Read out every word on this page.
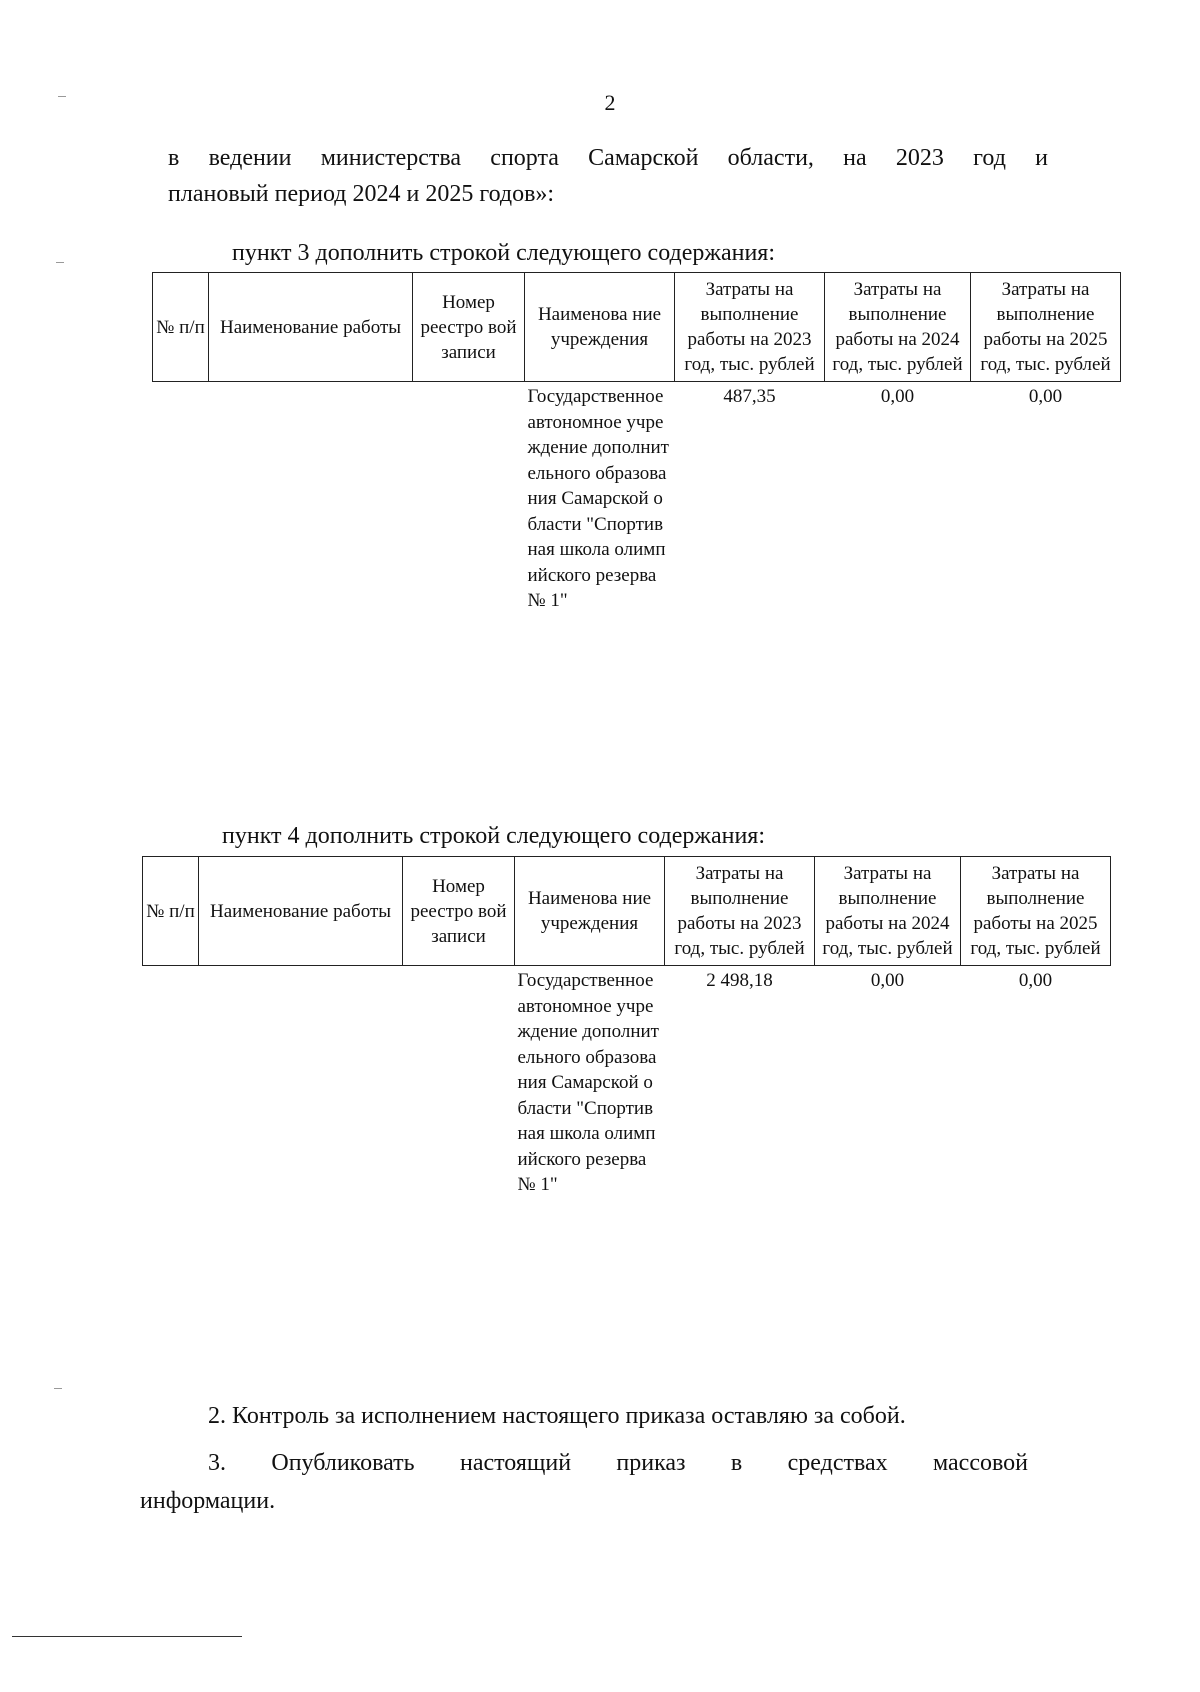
2
в ведении министерства спорта Самарской области, на 2023 год и
плановый период 2024 и 2025 годов»:
пункт 3 дополнить строкой следующего содержания:
№ п/п	Наименование работы	Номер реестро вой записи	Наименова ние учреждения	Затраты на выполнение работы на 2023 год, тыс. рублей	Затраты на выполнение работы на 2024 год, тыс. рублей	Затраты на выполнение работы на 2025 год, тыс. рублей
			Государственное автономное учреждение дополнительного образования Самарской области "Спортивная школа олимпийского резерва № 1"	487,35	0,00	0,00
пункт 4 дополнить строкой следующего содержания:
№ п/п	Наименование работы	Номер реестро вой записи	Наименова ние учреждения	Затраты на выполнение работы на 2023 год, тыс. рублей	Затраты на выполнение работы на 2024 год, тыс. рублей	Затраты на выполнение работы на 2025 год, тыс. рублей
			Государственное автономное учреждение дополнительного образования Самарской области "Спортивная школа олимпийского резерва № 1"	2 498,18	0,00	0,00
2. Контроль за исполнением настоящего приказа оставляю за собой.
3. Опубликовать настоящий приказ в средствах массовой
информации.
